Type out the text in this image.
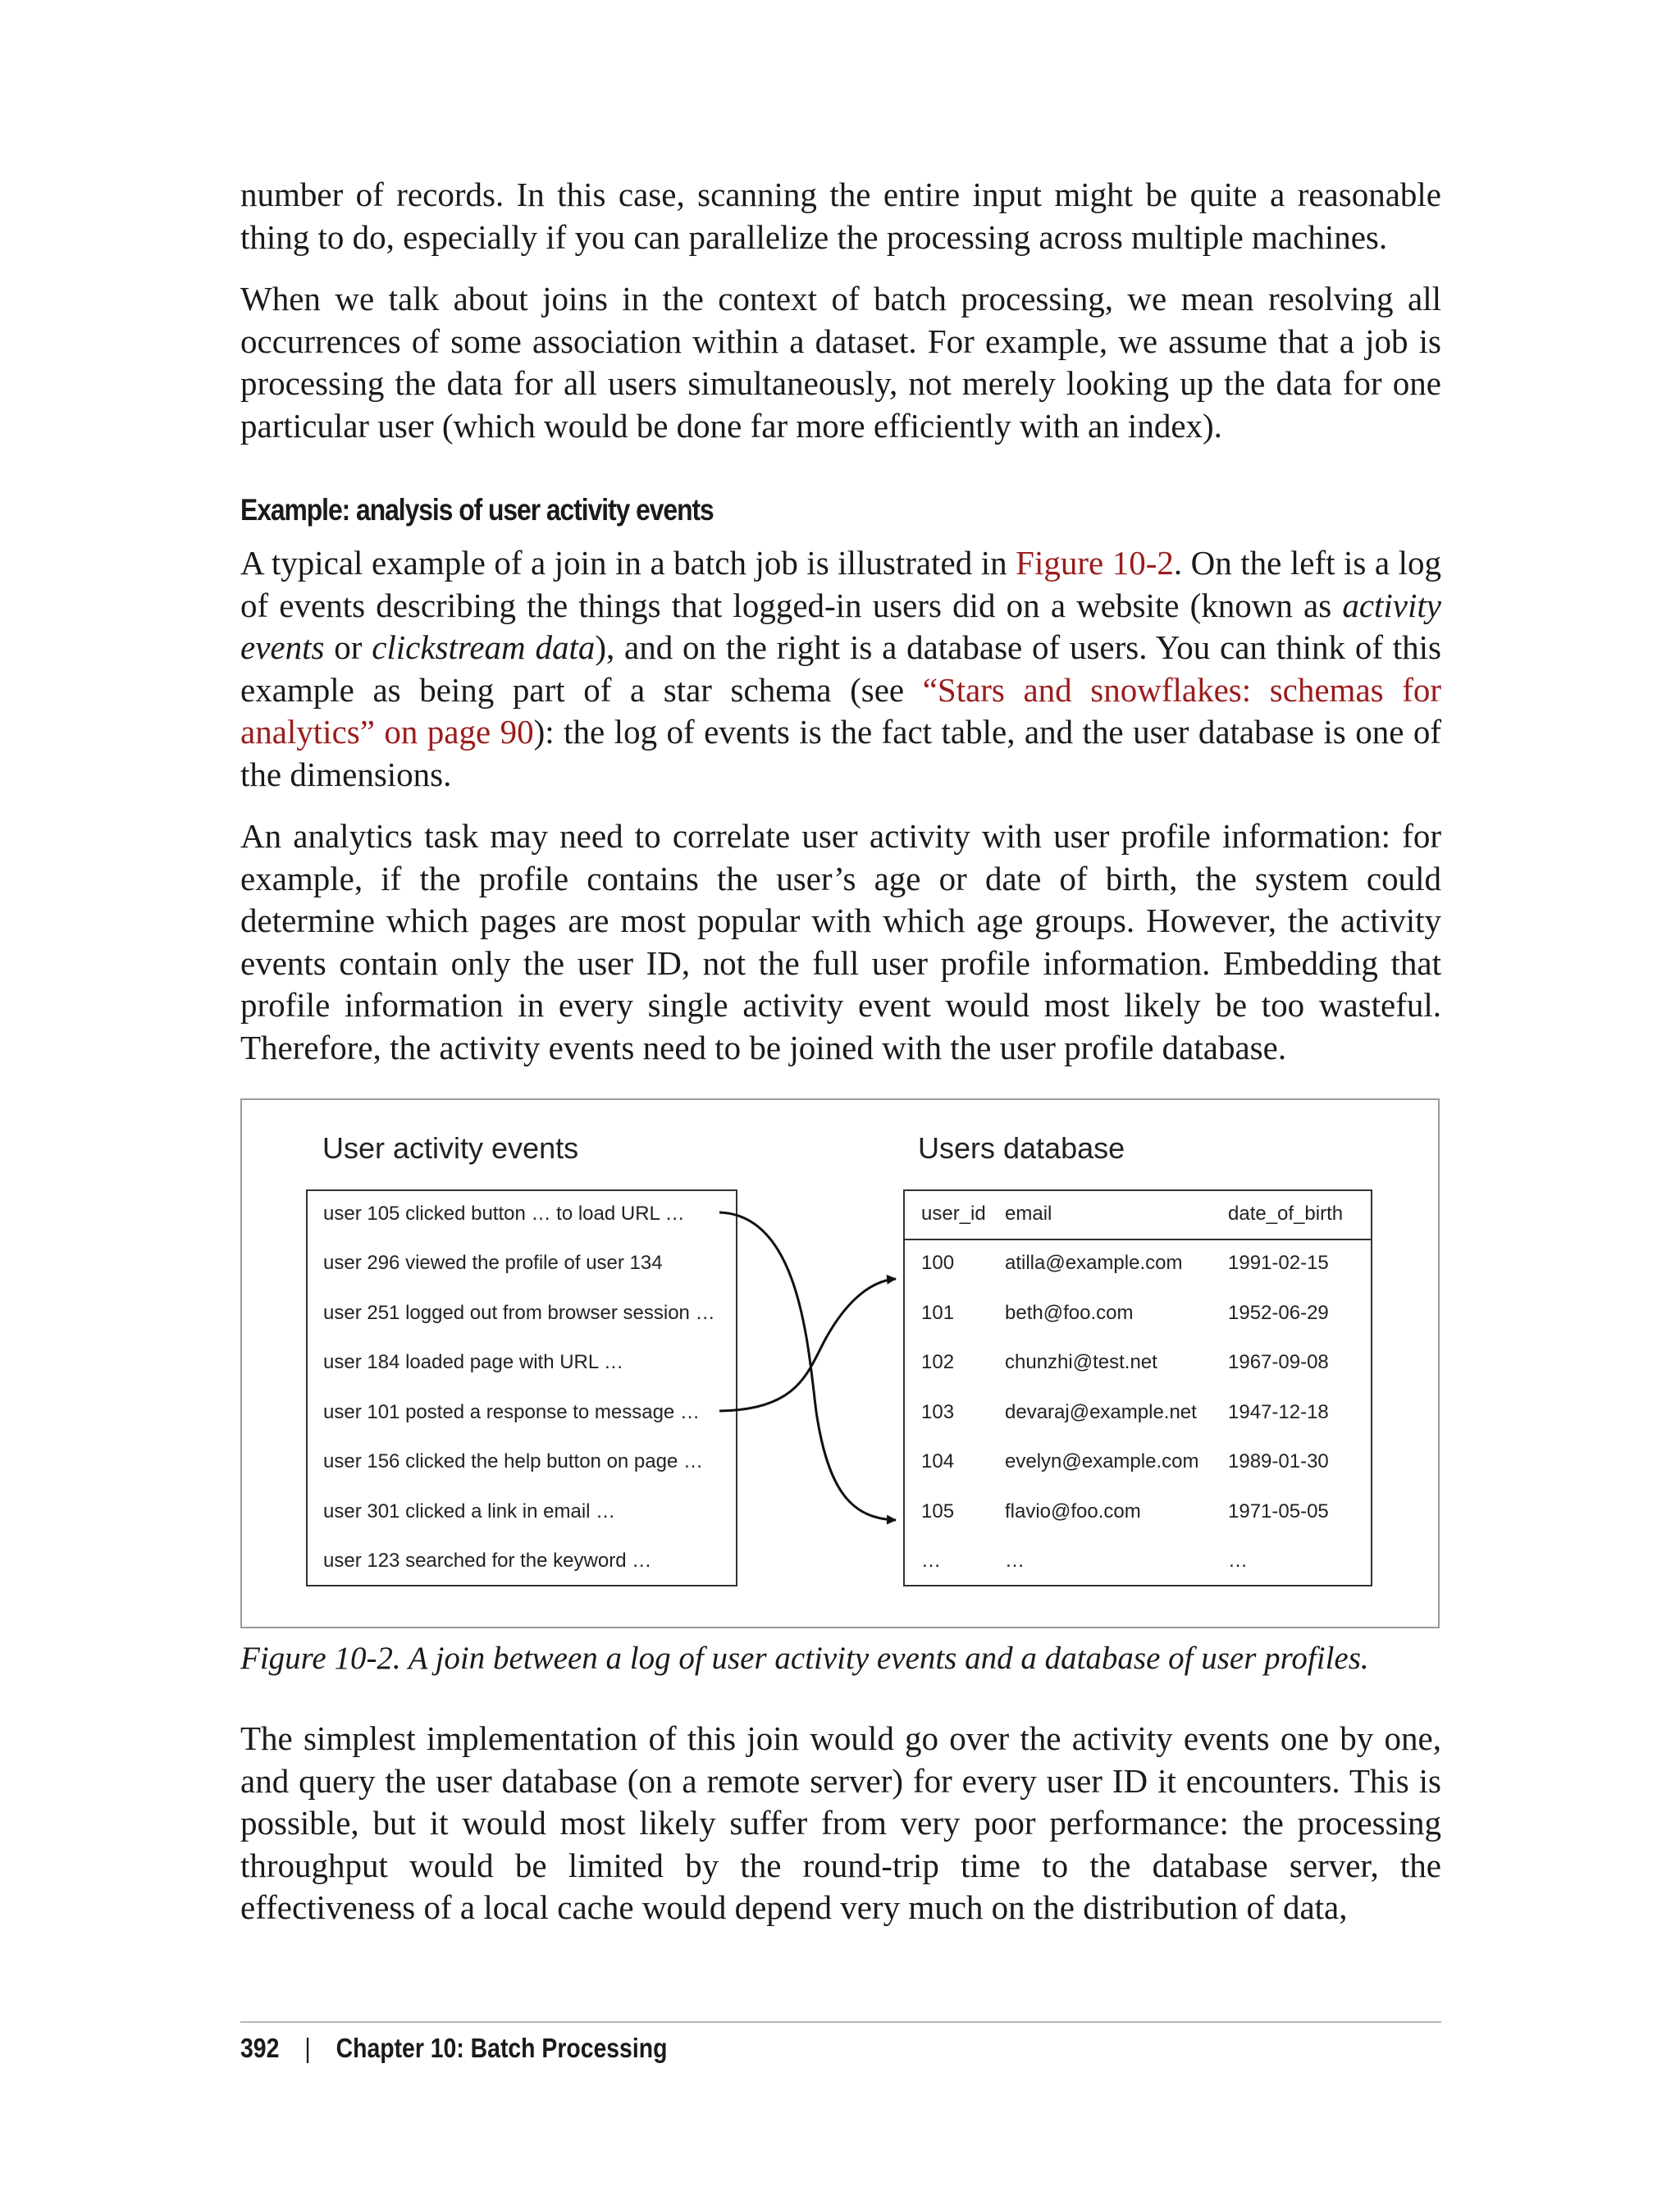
number of records. In this case, scanning the entire input might be quite a reasonable thing to do, especially if you can parallelize the processing across multiple machines.

When we talk about joins in the context of batch processing, we mean resolving all occurrences of some association within a dataset. For example, we assume that a job is processing the data for all users simultaneously, not merely looking up the data for one particular user (which would be done far more efficiently with an index).

Example: analysis of user activity events

A typical example of a join in a batch job is illustrated in Figure 10-2. On the left is a log of events describing the things that logged-in users did on a website (known as activity events or clickstream data), and on the right is a database of users. You can think of this example as being part of a star schema (see “Stars and snowflakes: schemas for analytics” on page 90): the log of events is the fact table, and the user database is one of the dimensions.

An analytics task may need to correlate user activity with user profile information: for example, if the profile contains the user’s age or date of birth, the system could determine which pages are most popular with which age groups. However, the activity events contain only the user ID, not the full user profile information. Embedding that profile information in every single activity event would most likely be too wasteful. Therefore, the activity events need to be joined with the user profile database.

User activity events	Users database
user 105 clicked button … to load URL …
user 296 viewed the profile of user 134
user 251 logged out from browser session …
user 184 loaded page with URL …
user 101 posted a response to message …
user 156 clicked the help button on page …
user 301 clicked a link in email …
user 123 searched for the keyword …
user_id email	date_of_birth
100	atilla@example.com 1991-02-15
101	beth@foo.com	1952-06-29
102	chunzhi@test.net	1967-09-08
103	devaraj@example.net 1947-12-18
104	evelyn@example.com 1989-01-30
105	flavio@foo.com	1971-05-05
…	…	…
Figure 10-2. A join between a log of user activity events and a database of user profiles.

The simplest implementation of this join would go over the activity events one by one, and query the user database (on a remote server) for every user ID it encounters. This is possible, but it would most likely suffer from very poor performance: the processing throughput would be limited by the round-trip time to the database server, the effectiveness of a local cache would depend very much on the distribution of data,

392 | Chapter 10: Batch Processing
